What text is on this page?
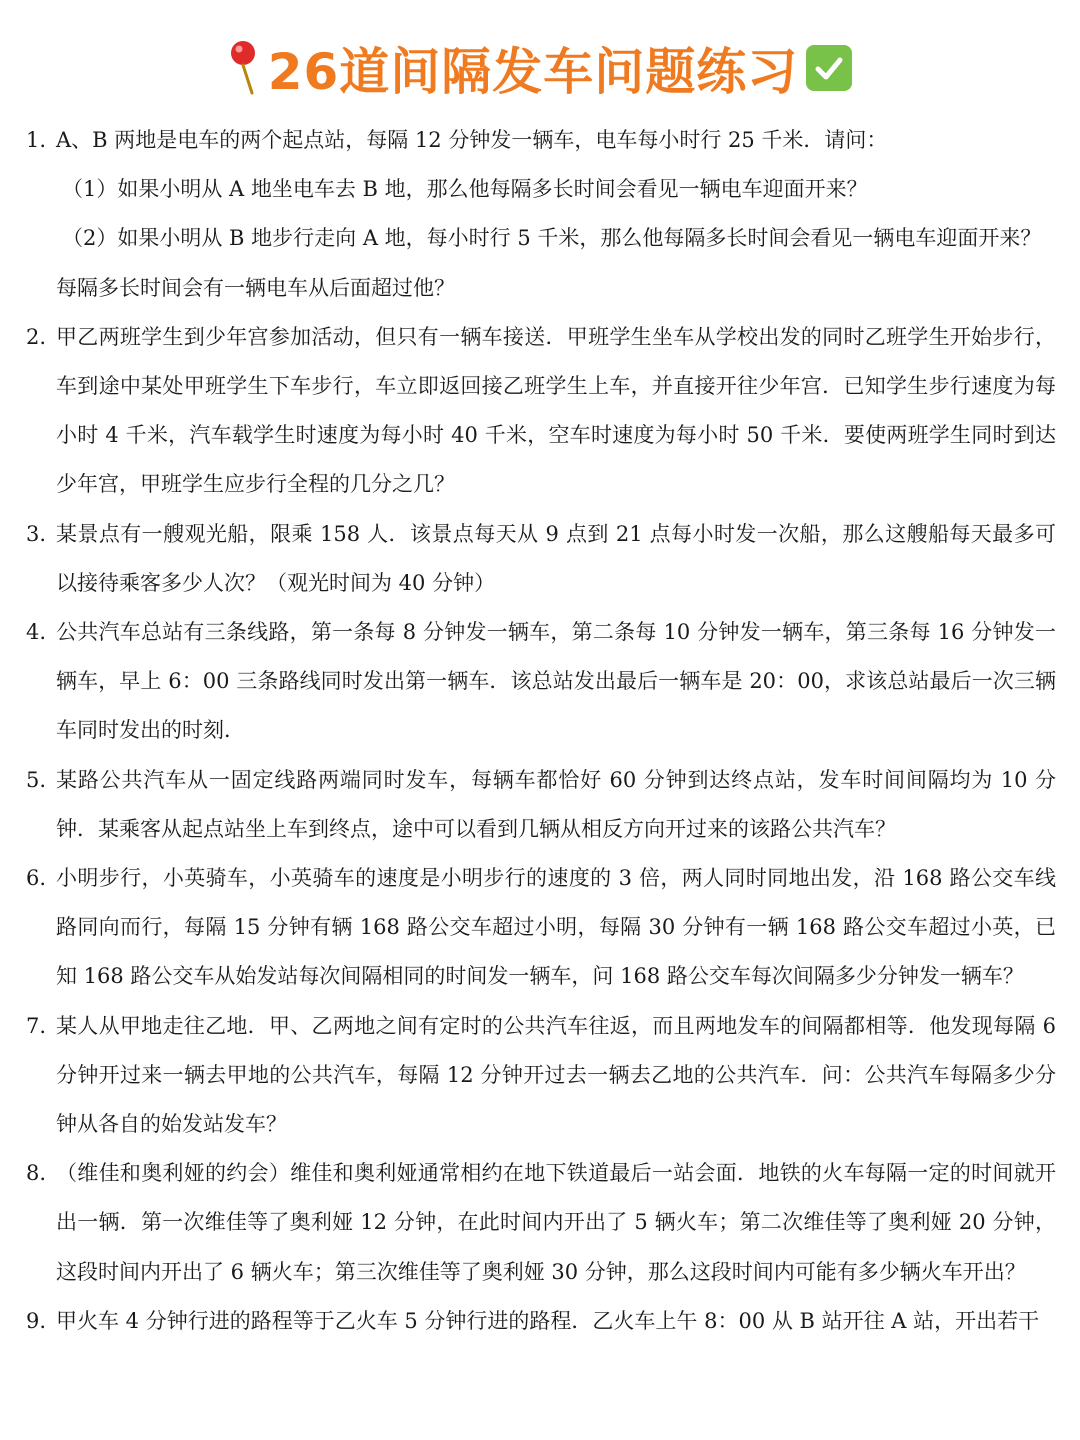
26道间隔发车问题练习
1. A、B 两地是电车的两个起点站，每隔 12 分钟发一辆车，电车每小时行 25 千米．请问：
（1）如果小明从 A 地坐电车去 B 地，那么他每隔多长时间会看见一辆电车迎面开来？
（2）如果小明从 B 地步行走向 A 地，每小时行 5 千米，那么他每隔多长时间会看见一辆电车迎面开来？
每隔多长时间会有一辆电车从后面超过他？
2. 甲乙两班学生到少年宫参加活动，但只有一辆车接送．甲班学生坐车从学校出发的同时乙班学生开始步行，车到途中某处甲班学生下车步行，车立即返回接乙班学生上车，并直接开往少年宫．已知学生步行速度为每小时 4 千米，汽车载学生时速度为每小时 40 千米，空车时速度为每小时 50 千米．要使两班学生同时到达少年宫，甲班学生应步行全程的几分之几？
3. 某景点有一艘观光船，限乘 158 人．该景点每天从 9 点到 21 点每小时发一次船，那么这艘船每天最多可以接待乘客多少人次？（观光时间为 40 分钟）
4. 公共汽车总站有三条线路，第一条每 8 分钟发一辆车，第二条每 10 分钟发一辆车，第三条每 16 分钟发一辆车，早上 6：00 三条路线同时发出第一辆车．该总站发出最后一辆车是 20：00，求该总站最后一次三辆车同时发出的时刻．
5. 某路公共汽车从一固定线路两端同时发车，每辆车都恰好 60 分钟到达终点站，发车时间间隔均为 10 分钟．某乘客从起点站坐上车到终点，途中可以看到几辆从相反方向开过来的该路公共汽车？
6. 小明步行，小英骑车，小英骑车的速度是小明步行的速度的 3 倍，两人同时同地出发，沿 168 路公交车线路同向而行，每隔 15 分钟有辆 168 路公交车超过小明，每隔 30 分钟有一辆 168 路公交车超过小英，已知 168 路公交车从始发站每次间隔相同的时间发一辆车，问 168 路公交车每次间隔多少分钟发一辆车？
7. 某人从甲地走往乙地．甲、乙两地之间有定时的公共汽车往返，而且两地发车的间隔都相等．他发现每隔 6 分钟开过来一辆去甲地的公共汽车，每隔 12 分钟开过去一辆去乙地的公共汽车．问：公共汽车每隔多少分钟从各自的始发站发车？
8. （维佳和奥利娅的约会）维佳和奥利娅通常相约在地下铁道最后一站会面．地铁的火车每隔一定的时间就开出一辆．第一次维佳等了奥利娅 12 分钟，在此时间内开出了 5 辆火车；第二次维佳等了奥利娅 20 分钟，这段时间内开出了 6 辆火车；第三次维佳等了奥利娅 30 分钟，那么这段时间内可能有多少辆火车开出？
9. 甲火车 4 分钟行进的路程等于乙火车 5 分钟行进的路程．乙火车上午 8：00 从 B 站开往 A 站，开出若干
